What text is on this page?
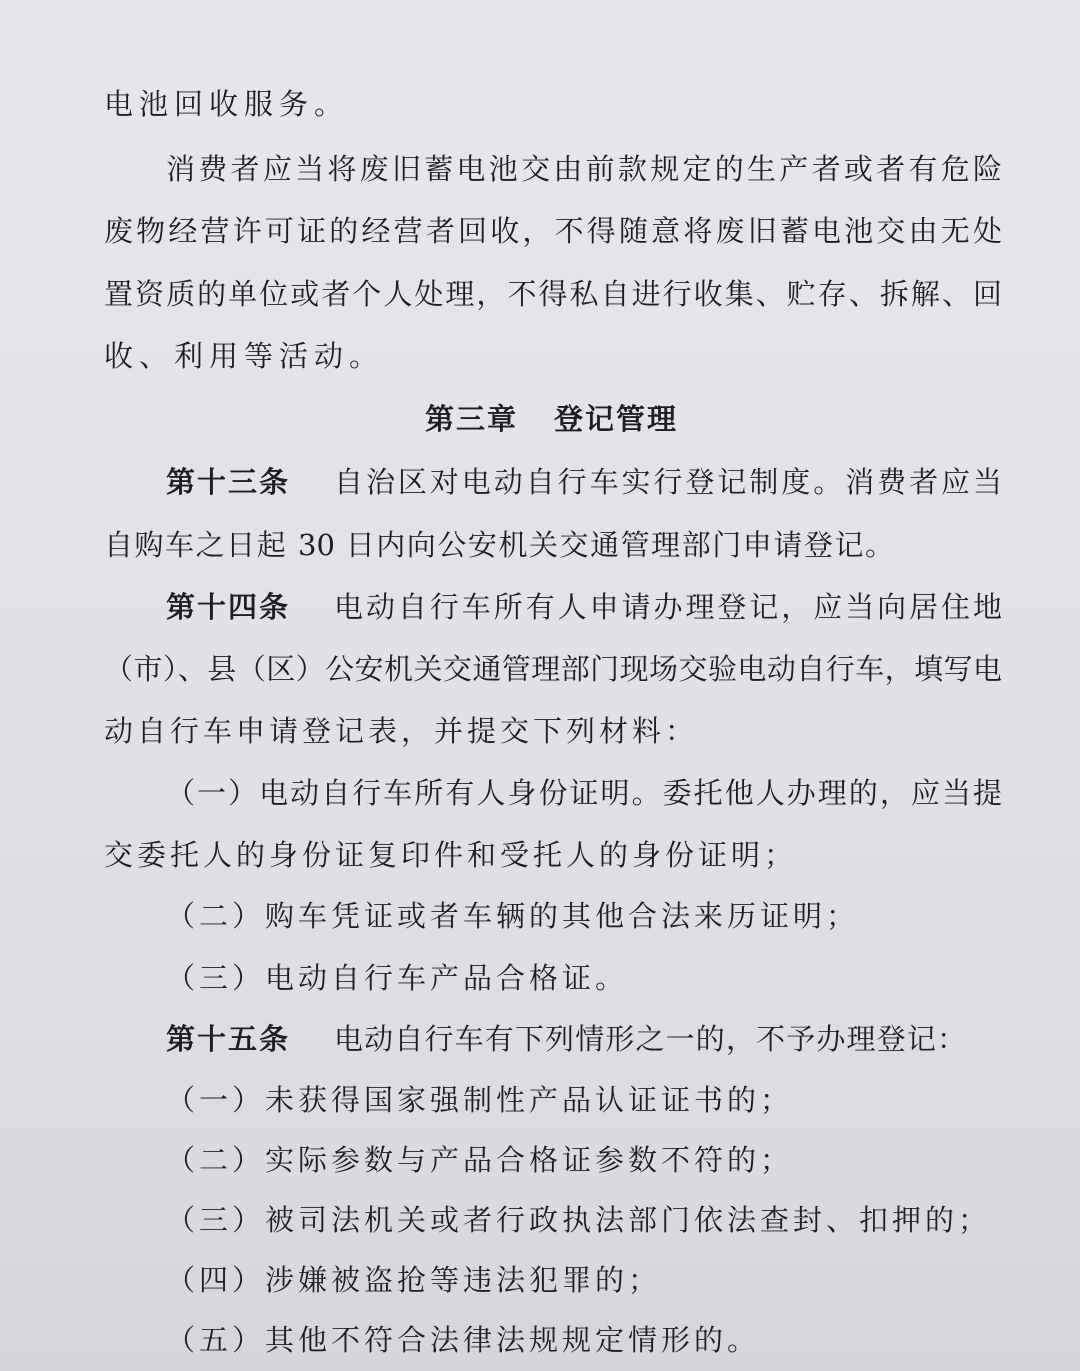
电池回收服务。

消费者应当将废旧蓄电池交由前款规定的生产者或者有危险

废物经营许可证的经营者回收，不得随意将废旧蓄电池交由无处

置资质的单位或者个人处理，不得私自进行收集、贮存、拆解、回

收、利用等活动。

第三章 登记管理
第十三条 自治区对电动自行车实行登记制度。消费者应当

自购车之日起 30 日内向公安机关交通管理部门申请登记。

第十四条 电动自行车所有人申请办理登记，应当向居住地

（市）、县（区）公安机关交通管理部门现场交验电动自行车，填写电

动自行车申请登记表，并提交下列材料：

（一）电动自行车所有人身份证明。委托他人办理的，应当提

交委托人的身份证复印件和受托人的身份证明；

（二）购车凭证或者车辆的其他合法来历证明；

（三）电动自行车产品合格证。

第十五条 电动自行车有下列情形之一的，不予办理登记：

（一）未获得国家强制性产品认证证书的；

（二）实际参数与产品合格证参数不符的；

（三）被司法机关或者行政执法部门依法查封、扣押的；

（四）涉嫌被盗抢等违法犯罪的；

（五）其他不符合法律法规规定情形的。
